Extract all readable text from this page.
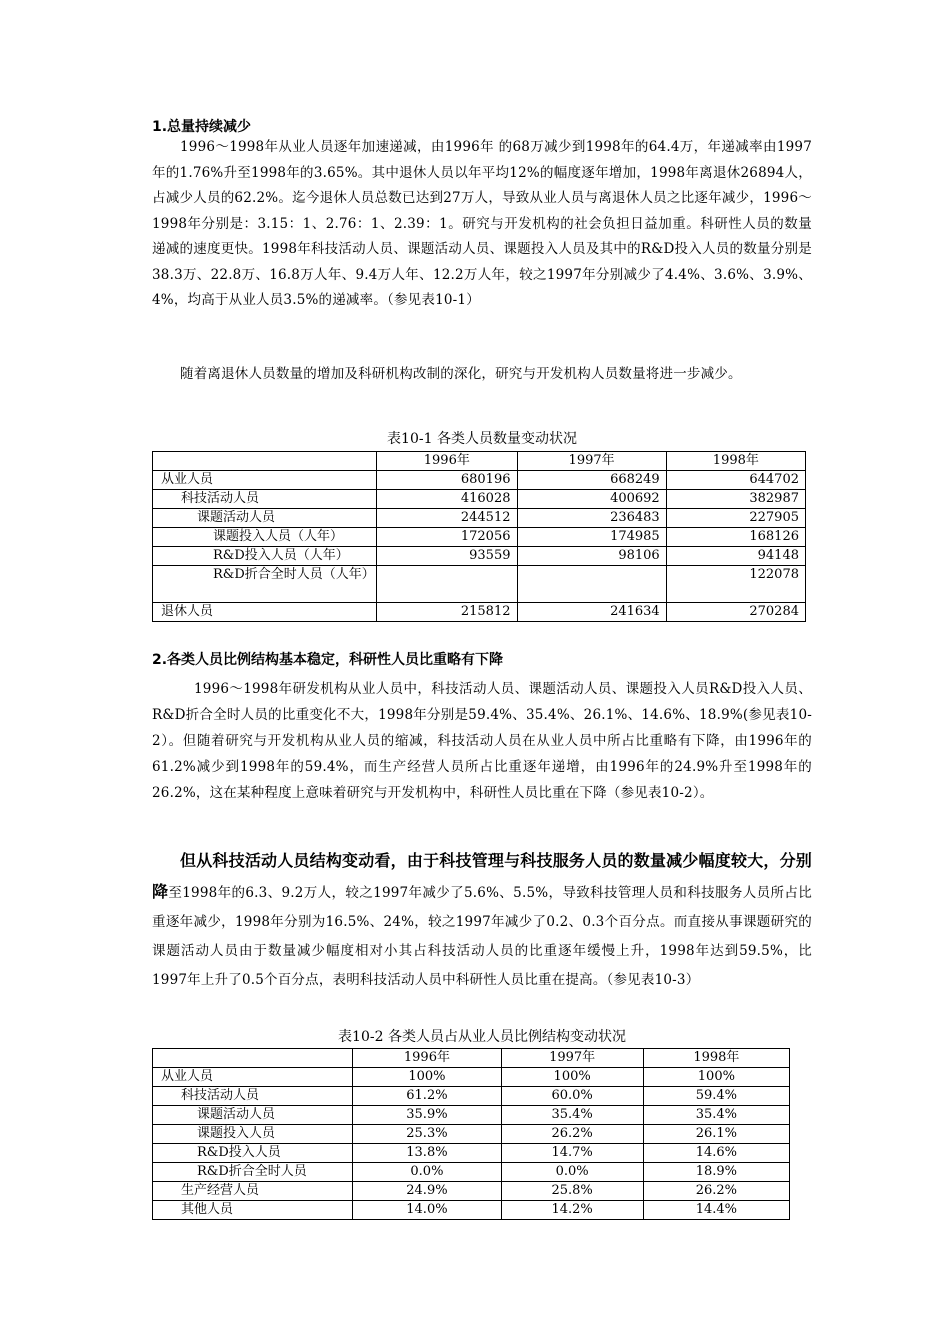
1.总量持续减少

1996～1998年从业人员逐年加速递减，由1996年 的68万减少到1998年的64.4万，年递减率由1997年的1.76%升至1998年的3.65%。其中退休人员以年平均12%的幅度逐年增加，1998年离退休26894人，占减少人员的62.2%。迄今退休人员总数已达到27万人，导致从业人员与离退休人员之比逐年减少，1996～1998年分别是：3.15：1、2.76：1、2.39：1。研究与开发机构的社会负担日益加重。科研性人员的数量递减的速度更快。1998年科技活动人员、课题活动人员、课题投入人员及其中的R&D投入人员的数量分别是38.3万、22.8万、16.8万人年、9.4万人年、12.2万人年，较之1997年分别减少了4.4%、3.6%、3.9%、4%，均高于从业人员3.5%的递减率。（参见表10-1）

随着离退休人员数量的增加及科研机构改制的深化，研究与开发机构人员数量将进一步减少。

表10-1 各类人员数量变动状况
	1996年	1997年	1998年
从业人员	680196	668249	644702
科技活动人员	416028	400692	382987
课题活动人员	244512	236483	227905
课题投入人员（人年）	172056	174985	168126
R&D投入人员（人年）	93559	98106	94148
R&D折合全时人员（人年）			122078
退休人员	215812	241634	270284
2.各类人员比例结构基本稳定，科研性人员比重略有下降

1996～1998年研发机构从业人员中，科技活动人员、课题活动人员、课题投入人员R&D投入人员、R&D折合全时人员的比重变化不大，1998年分别是59.4%、35.4%、26.1%、14.6%、18.9%(参见表10-2）。但随着研究与开发机构从业人员的缩减，科技活动人员在从业人员中所占比重略有下降，由1996年的61.2%减少到1998年的59.4%，而生产经营人员所占比重逐年递增，由1996年的24.9%升至1998年的26.2%，这在某种程度上意味着研究与开发机构中，科研性人员比重在下降（参见表10-2）。

但从科技活动人员结构变动看，由于科技管理与科技服务人员的数量减少幅度较大，分别降至1998年的6.3、9.2万人，较之1997年减少了5.6%、5.5%，导致科技管理人员和科技服务人员所占比重逐年减少，1998年分别为16.5%、24%，较之1997年减少了0.2、0.3个百分点。而直接从事课题研究的课题活动人员由于数量减少幅度相对小其占科技活动人员的比重逐年缓慢上升，1998年达到59.5%，比1997年上升了0.5个百分点，表明科技活动人员中科研性人员比重在提高。（参见表10-3）

表10-2 各类人员占从业人员比例结构变动状况
	1996年	1997年	1998年
从业人员	100%	100%	100%
科技活动人员	61.2%	60.0%	59.4%
课题活动人员	35.9%	35.4%	35.4%
课题投入人员	25.3%	26.2%	26.1%
R&D投入人员	13.8%	14.7%	14.6%
R&D折合全时人员	0.0%	0.0%	18.9%
生产经营人员	24.9%	25.8%	26.2%
其他人员	14.0%	14.2%	14.4%
